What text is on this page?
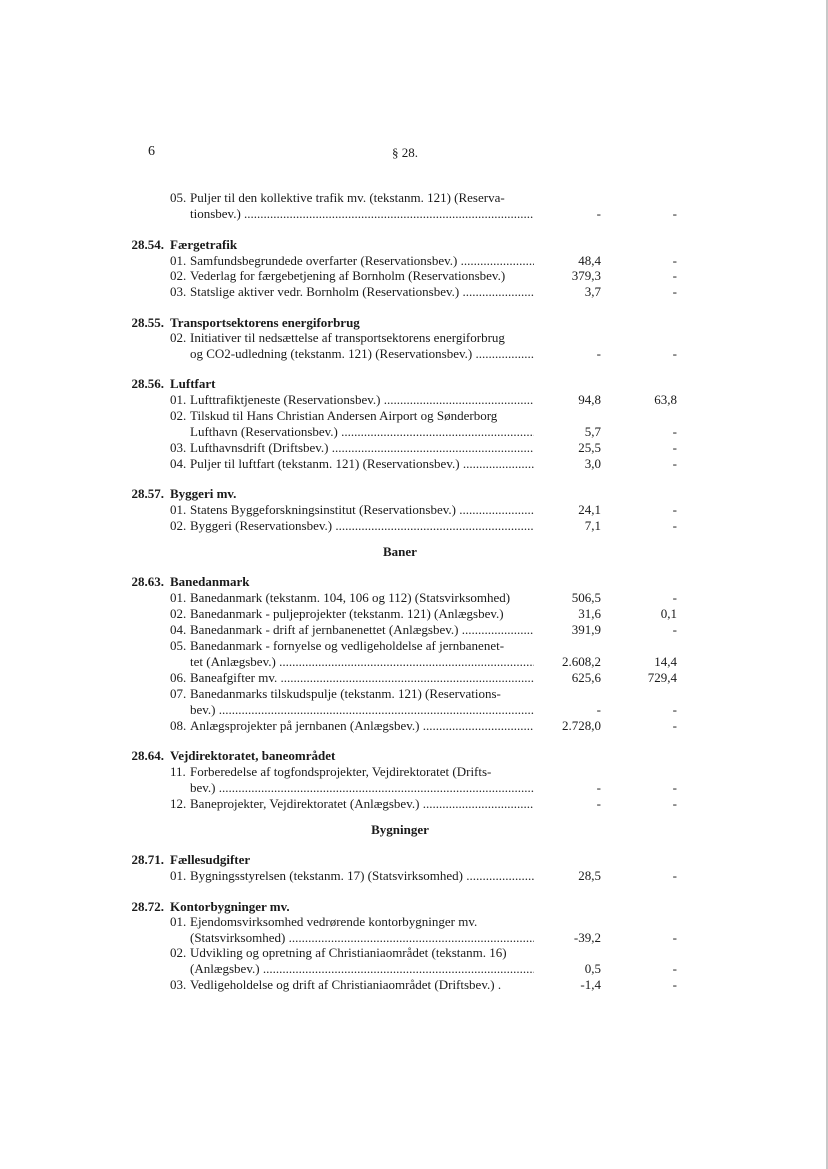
6	§ 28.
05. Puljer til den kollektive trafik mv. (tekstanm. 121) (Reserva-
tionsbev.) .....	-	-
28.54. Færgetrafik
01. Samfundsbegrundede overfarter (Reservationsbev.) .....	48,4	-
02. Vederlag for færgebetjening af Bornholm (Reservationsbev.)	379,3	-
03. Statslige aktiver vedr. Bornholm (Reservationsbev.) .....	3,7	-
28.55. Transportsektorens energiforbrug
02. Initiativer til nedsættelse af transportsektorens energiforbrug
og CO2-udledning (tekstanm. 121) (Reservationsbev.) .....	-	-
28.56. Luftfart
01. Lufttrafiktjeneste (Reservationsbev.) .....	94,8	63,8
02. Tilskud til Hans Christian Andersen Airport og Sønderborg
Lufthavn (Reservationsbev.) .....	5,7	-
03. Lufthavnsdrift (Driftsbev.) .....	25,5	-
04. Puljer til luftfart (tekstanm. 121) (Reservationsbev.) .....	3,0	-
28.57. Byggeri mv.
01. Statens Byggeforskningsinstitut (Reservationsbev.) .....	24,1	-
02. Byggeri (Reservationsbev.) .....	7,1	-
Baner
28.63. Banedanmark
01. Banedanmark (tekstanm. 104, 106 og 112) (Statsvirksomhed)	506,5	-
02. Banedanmark - puljeprojekter (tekstanm. 121) (Anlægsbev.)	31,6	0,1
04. Banedanmark - drift af jernbanenettet (Anlægsbev.) .....	391,9	-
05. Banedanmark - fornyelse og vedligeholdelse af jernbanenet-
tet (Anlægsbev.) .....	2.608,2	14,4
06. Baneafgifter mv. .....	625,6	729,4
07. Banedanmarks tilskudspulje (tekstanm. 121) (Reservations-
bev.) .....	-	-
08. Anlægsprojekter på jernbanen (Anlægsbev.) .....	2.728,0	-
28.64. Vejdirektoratet, baneområdet
11. Forberedelse af togfondsprojekter, Vejdirektoratet (Drifts-
bev.) .....	-	-
12. Baneprojekter, Vejdirektoratet (Anlægsbev.) .....	-	-
Bygninger
28.71. Fællesudgifter
01. Bygningsstyrelsen (tekstanm. 17) (Statsvirksomhed) .....	28,5	-
28.72. Kontorbygninger mv.
01. Ejendomsvirksomhed vedrørende kontorbygninger mv.
(Statsvirksomhed) .....	-39,2	-
02. Udvikling og opretning af Christianiaområdet (tekstanm. 16)
(Anlægsbev.) .....	0,5	-
03. Vedligeholdelse og drift af Christianiaområdet (Driftsbev.) .	-1,4	-
